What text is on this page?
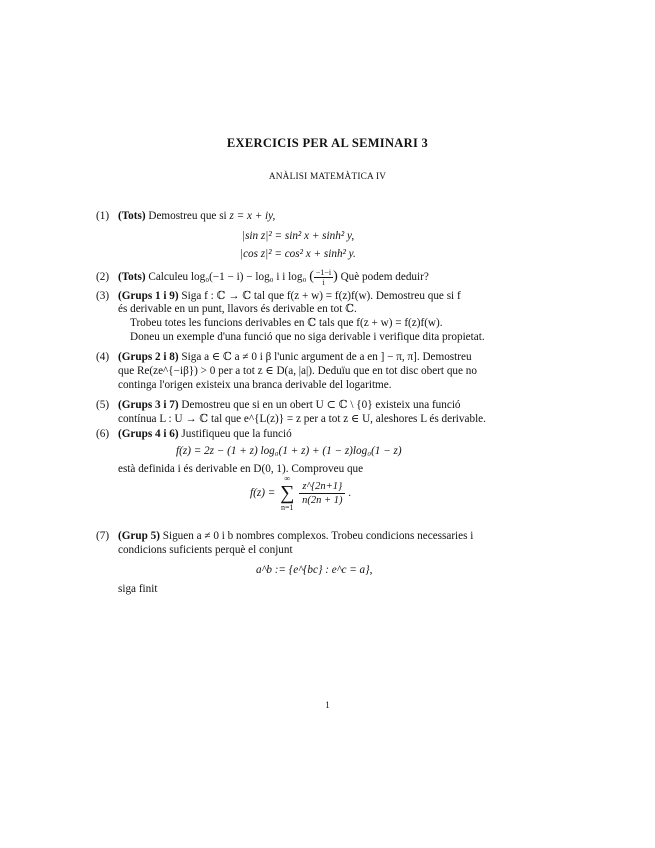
EXERCICIS PER AL SEMINARI 3
ANÀLISI MATEMÀTICA IV
(1) (Tots) Demostreu que si z = x + iy,
|sin z|² = sin² x + sinh² y,
|cos z|² = cos² x + sinh² y.
(2) (Tots) Calculeu log₀(−1 − i) − log₀ i i log₀ ( $\frac{-1-i}{i}$ ) Què podem deduir?
(3) (Grups 1 i 9) Siga f : ℂ → ℂ tal que f(z + w) = f(z)f(w). Demostreu que si f
és derivable en un punt, llavors és derivable en tot ℂ.
Trobeu totes les funcions derivables en ℂ tals que f(z + w) = f(z)f(w).
Doneu un exemple d'una funció que no siga derivable i verifique dita propietat.
(4) (Grups 2 i 8) Siga a ∈ ℂ a ≠ 0 i β l'unic argument de a en ] − π, π]. Demostreu
que Re(ze^{−iβ}) > 0 per a tot z ∈ D(a, |a|). Deduïu que en tot disc obert que no
continga l'origen existeix una branca derivable del logaritme.
(5) (Grups 3 i 7) Demostreu que si en un obert U ⊂ ℂ \ {0} existeix una funció
contínua L : U → ℂ tal que e^{L(z)} = z per a tot z ∈ U, aleshores L és derivable.
(6) (Grups 4 i 6) Justifiqueu que la funció
f(z) = 2z − (1 + z) log₀(1 + z) + (1 − z)log₀(1 − z)
està definida i és derivable en D(0, 1). Comproveu que
f(z) = ∞
∑
n=1
$\frac{z\^{}\{2n+1\}}{n(2n + 1)}$ .
(7) (Grup 5) Siguen a ≠ 0 i b nombres complexos. Trobeu condicions necessaries i
condicions suficients perquè el conjunt
a^b := {e^{bc} : e^c = a},
siga finit
1
